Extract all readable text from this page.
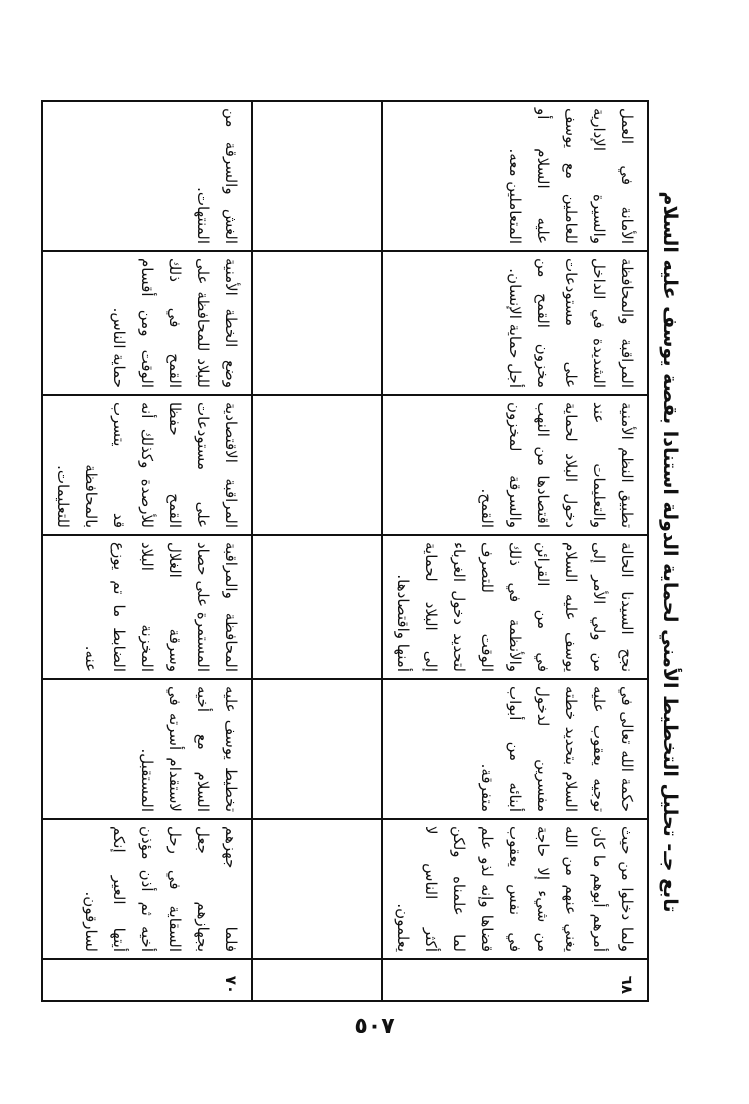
تابع جـ- تحليل التخطيط الأمني لحماية الدولة استنادا بقصة يوسف عليه السلام
٦٨	ولما دخلوا من حيث أمرهم أبوهم ما كان يغني عنهم من الله من شيء إلا حاجة في نفس يعقوب قضاها وإنه لذو علم لما علمناه ولكن أكثر الناس لا يعلمون.	حكمة الله تعالى في توجيه يعقوب عليه السلام بتحديد خطته مفسرين لدخول أبنائه من أبواب متفرقة.	نجح السيدنا الحالة من ولي الأمر إلى يوسف عليه السلام في من القرائن والأنظمة في ذلك الوقت للتصرف لتحديد دخول الغرباء إلى البلاد لحماية أمنها واقتصادها.	تطبيق النظم الأمنية والتعليمات عند دخول البلاد لحماية اقتصادها من النهب والسرقة لمخزون القمح.	المراقبة والمحافظة الشديدة في الداخل على مستودعات مخزون القمح من أجل حماية الإنسان.	الأمانة في العمل والسيرة الإدارية للعاملين مع يوسف عليه السلام أو المتعاملين معه.

٧٠	فلما جهزهم بجهازهم جعل السقاية في رحل أخيه ثم أذن مؤذن أيتها العير إنكم لسارقون.	تخطيط يوسف عليه السلام مع أخيه لاستقدام أسرته في المستقبل.	المحافظة والمراقبة المستمرة على حصاد وسرقة الغلال المخزنة البلاد الضابط ما تم يوزع عنه.	المراقبة الاقتصادية على مستودعات القمح حفظا للأرصدة وكذلك أنه قد يتسرب بالمحافظة للتعليمات.	وضع الخطة الأمنية للبلاد للمحافظة على القمح في ذلك الوقت ومن أقسام حماية الناس.	الغش والسرقة من المنتهات.
٥٠٧
